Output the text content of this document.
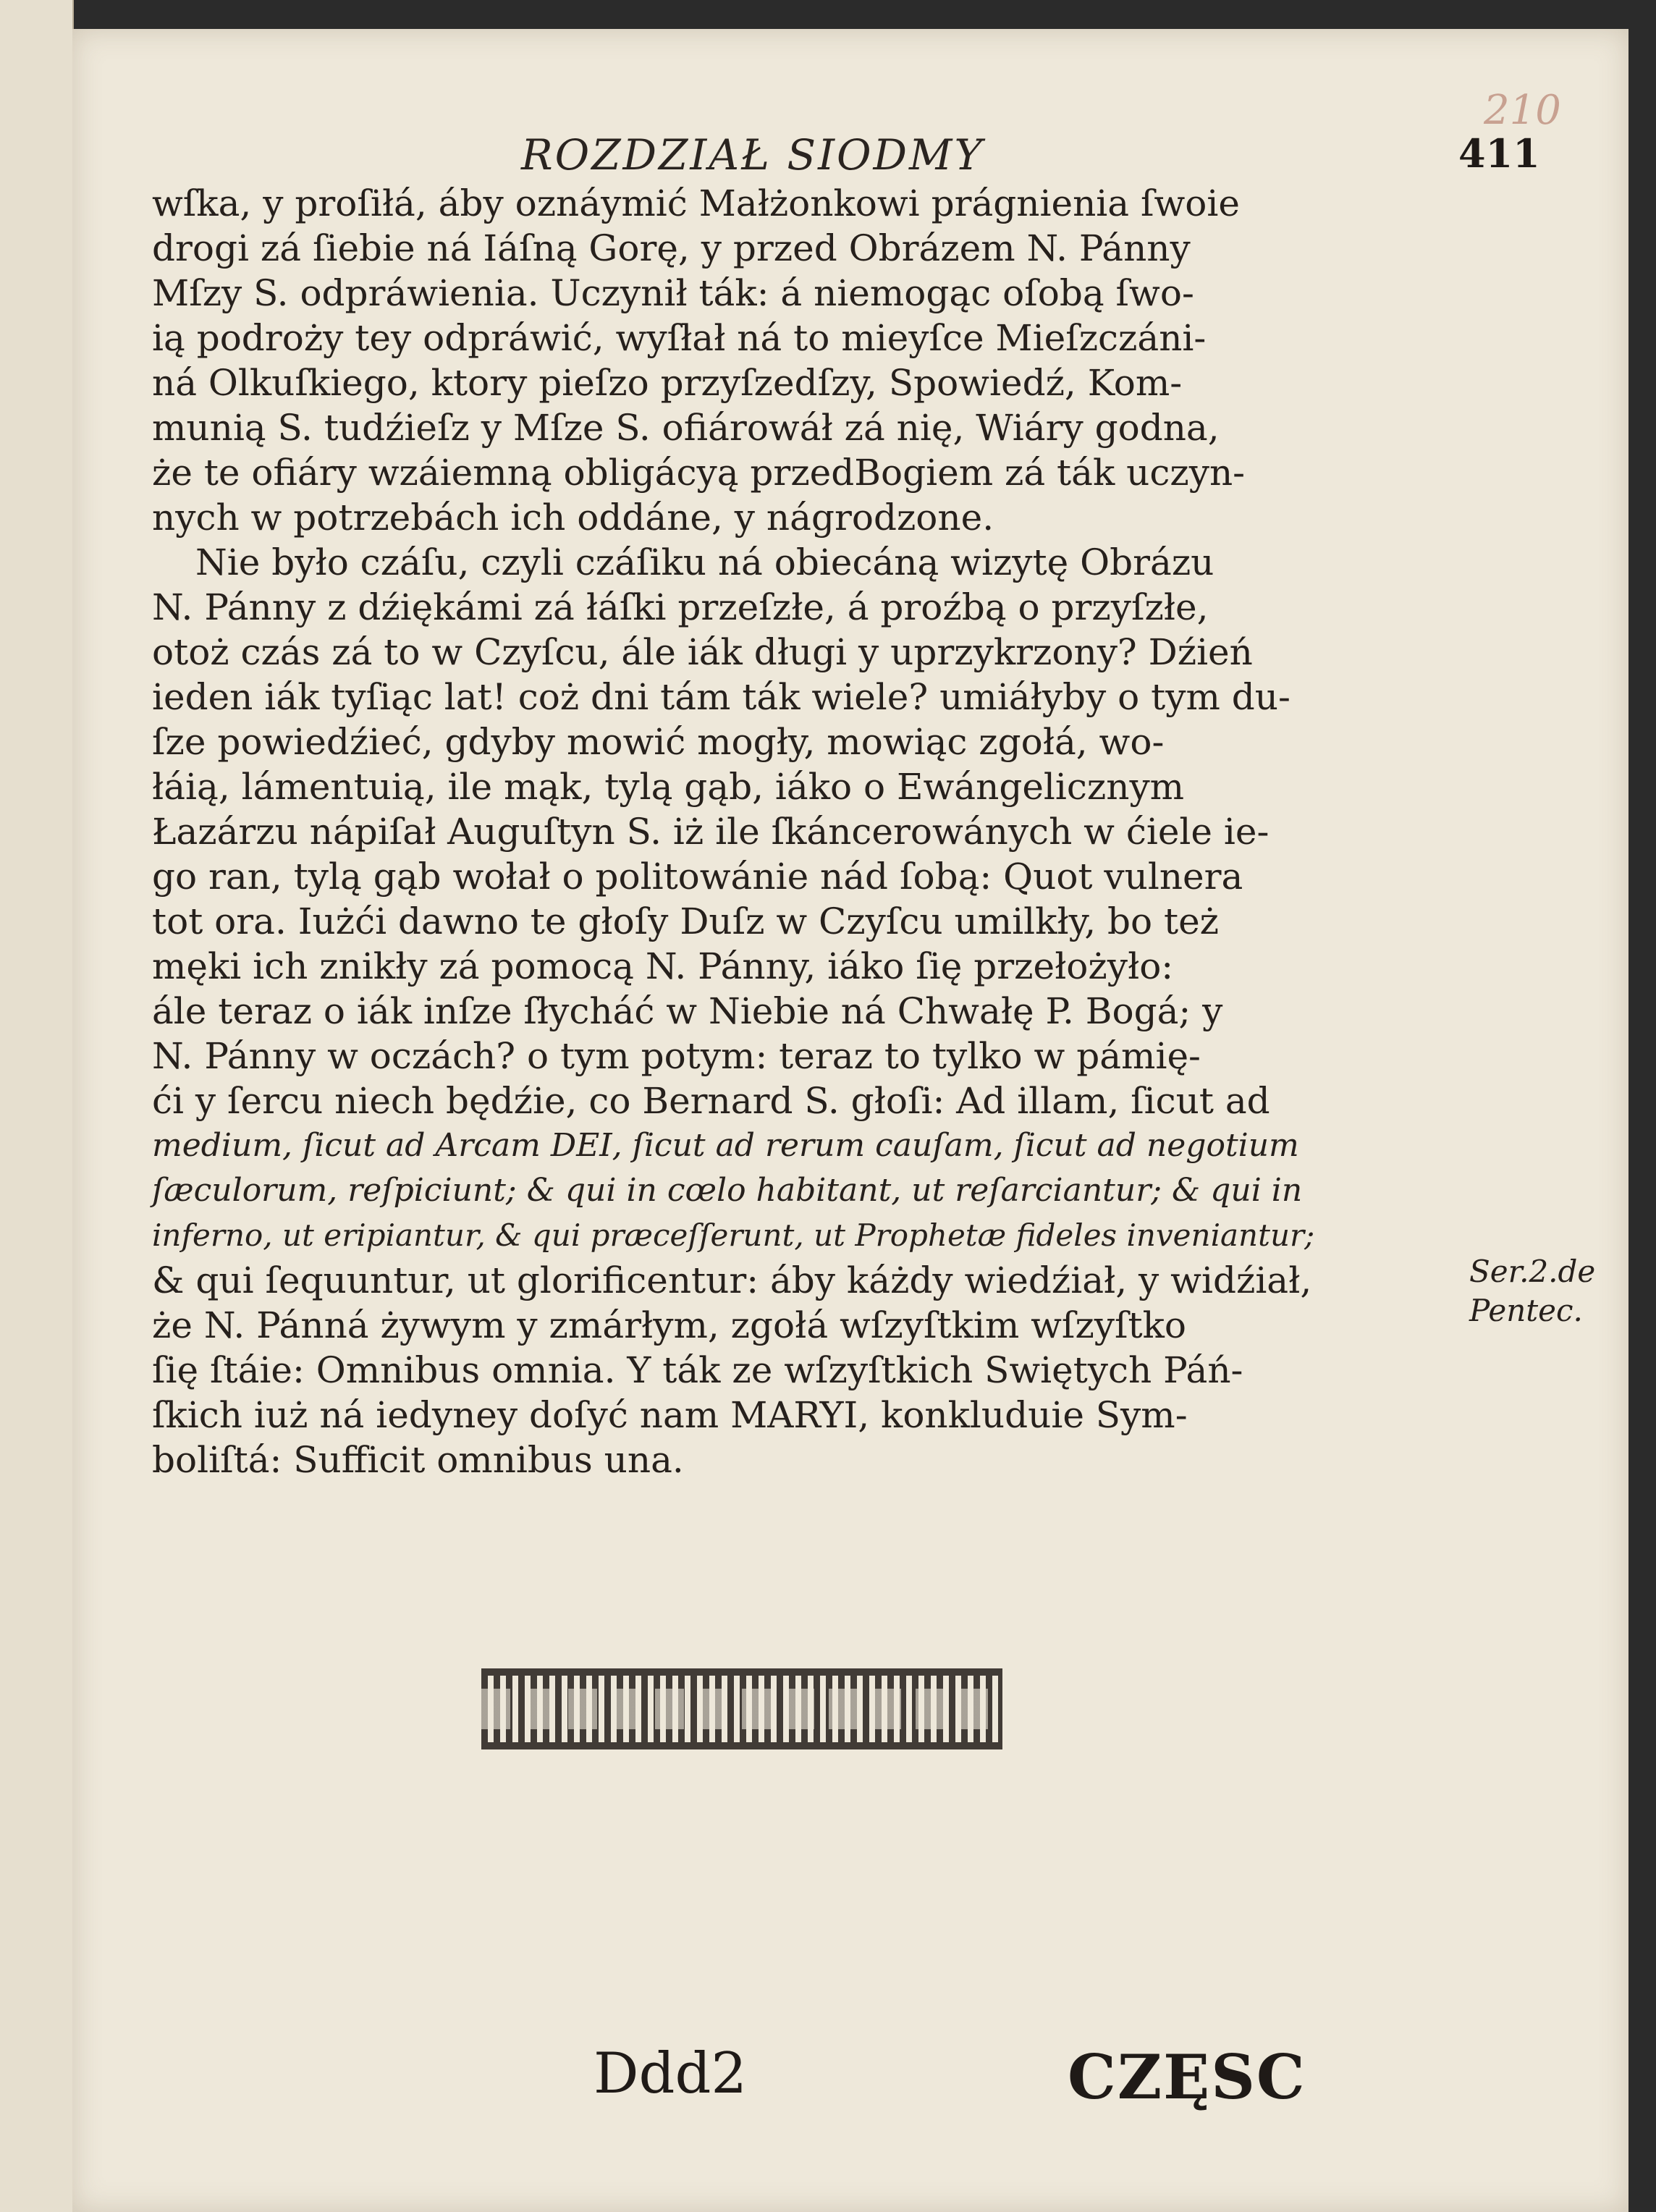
210
ROZDZIAŁ SIODMY	411
wſka, y proſiłá, áby oznáymić Małżonkowi prágnienia ſwoie
drogi zá ſiebie ná Iáſną Gorę, y przed Obrázem N. Pánny
Mſzy S. odpráwienia. Uczynił ták: á niemogąc oſobą ſwo-
ią podroży tey odpráwić, wyſłał ná to mieyſce Mieſzczáni-
ná Olkuſkiego, ktory pieſzo przyſzedſzy, Spowiedź, Kom-
munią S. tudźieſz y Mſze S. ofiárowáł zá nię, Wiáry godna,
że te ofiáry wzáiemną obligácyą przedBogiem zá ták uczyn-
nych w potrzebách ich oddáne, y nágrodzone.
Nie było czáſu, czyli czáſiku ná obiecáną wizytę Obrázu
N. Pánny z dźiękámi zá łáſki przeſzłe, á proźbą o przyſzłe,
otoż czás zá to w Czyſcu, ále iák długi y uprzykrzony? Dźień
ieden iák tyſiąc lat! coż dni tám ták wiele? umiáłyby o tym du-
ſze powiedźieć, gdyby mowić mogły, mowiąc zgołá, wo-
łáią, lámentuią, ile mąk, tylą gąb, iáko o Ewángelicznym
Łazárzu nápiſał Auguſtyn S. iż ile ſkáncerowánych w ćiele ie-
go ran, tylą gąb wołał o politowánie nád ſobą: Quot vulnera
tot ora. Iużći dawno te głoſy Duſz w Czyſcu umilkły, bo też
męki ich znikły zá pomocą N. Pánny, iáko ſię przełożyło:
ále teraz o iák inſze ſłycháć w Niebie ná Chwałę P. Bogá; y
N. Pánny w oczách? o tym potym: teraz to tylko w pámię-
ći y ſercu niech będźie, co Bernard S. głoſi: Ad illam, ſicut ad
medium, ſicut ad Arcam DEI, ſicut ad rerum cauſam, ſicut ad negotium
ſæculorum, reſpiciunt; & qui in cœlo habitant, ut reſarciantur; & qui in
inferno, ut eripiantur, & qui præceſſerunt, ut Prophetæ fideles inveniantur;
& qui ſequuntur, ut glorificentur: áby káżdy wiedźiał, y widźiał,
że N. Pánná żywym y zmárłym, zgołá wſzyſtkim wſzyſtko
ſię ſtáie: Omnibus omnia. Y ták ze wſzyſtkich Swiętych Páń-
ſkich iuż ná iedyney doſyć nam MARYI, konkluduie Sym-
boliſtá: Sufficit omnibus una.
Ser.2.de
Pentec.
Ddd2	CZĘSC
